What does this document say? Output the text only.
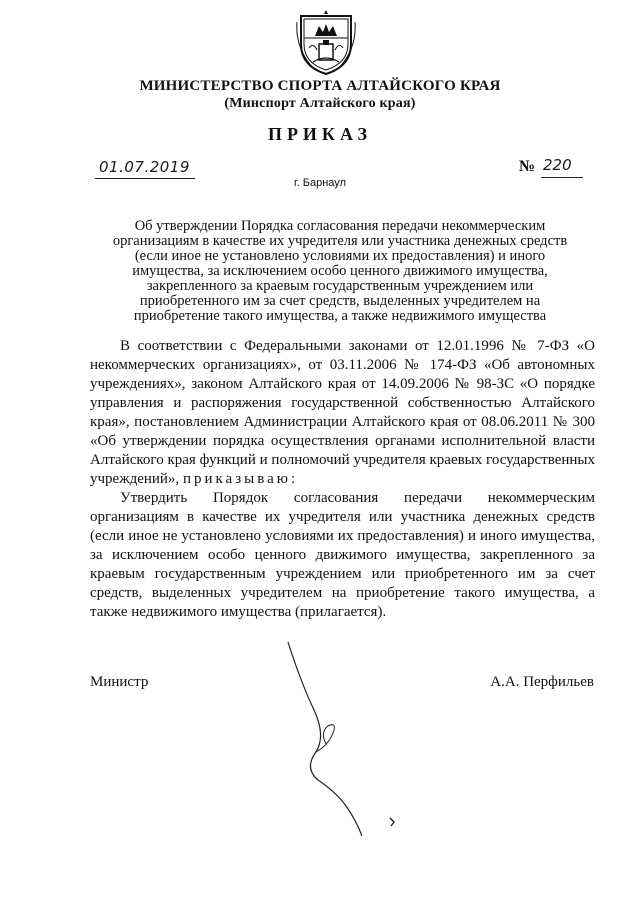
МИНИСТЕРСТВО СПОРТА АЛТАЙСКОГО КРАЯ
(Минспорт Алтайского края)
ПРИКАЗ
01.07.2019
г. Барнаул
№ 220
Об утверждении Порядка согласования передачи некоммерческим
организациям в качестве их учредителя или участника денежных средств
(если иное не установлено условиями их предоставления) и иного
имущества, за исключением особо ценного движимого имущества,
закрепленного за краевым государственным учреждением или
приобретенного им за счет средств, выделенных учредителем на
приобретение такого имущества, а также недвижимого имущества

В соответствии с Федеральными законами от 12.01.1996 № 7-ФЗ «О некоммерческих организациях», от 03.11.2006 № 174-ФЗ «Об автономных учреждениях», законом Алтайского края от 14.09.2006 № 98-ЗС «О порядке управления и распоряжения государственной собственностью Алтайского края», постановлением Администрации Алтайского края от 08.06.2011 № 300 «Об утверждении порядка осуществления органами исполнительной власти Алтайского края функций и полномочий учредителя краевых государственных учреждений», приказываю:

Утвердить Порядок согласования передачи некоммерческим организациям в качестве их учредителя или участника денежных средств (если иное не установлено условиями их предоставления) и иного имущества, за исключением особо ценного движимого имущества, закрепленного за краевым государственным учреждением или приобретенного им за счет средств, выделенных учредителем на приобретение такого имущества, а также недвижимого имущества (прилагается).

Министр	А.А. Перфильев
